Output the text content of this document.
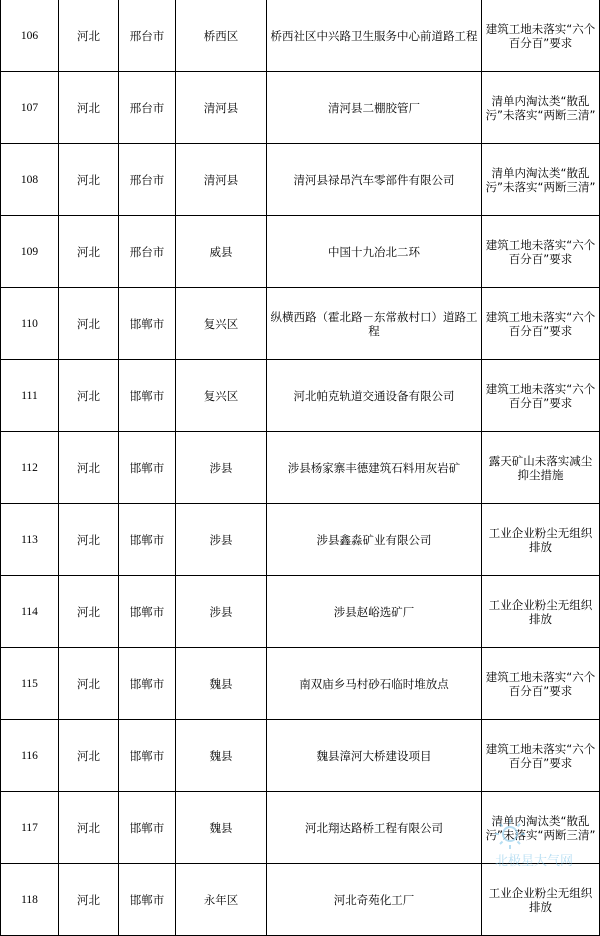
106	河北	邢台市	桥西区	桥西社区中兴路卫生服务中心前道路工程	建筑工地未落实“六个百分百”要求
107	河北	邢台市	清河县	清河县二棚胶管厂	清单内淘汰类“散乱污”未落实“两断三清”
108	河北	邢台市	清河县	清河县禄昂汽车零部件有限公司	清单内淘汰类“散乱污”未落实“两断三清”
109	河北	邢台市	威县	中国十九冶北二环	建筑工地未落实“六个百分百”要求
110	河北	邯郸市	复兴区	纵横西路（霍北路－东常赦村口）道路工程	建筑工地未落实“六个百分百”要求
111	河北	邯郸市	复兴区	河北帕克轨道交通设备有限公司	建筑工地未落实“六个百分百”要求
112	河北	邯郸市	涉县	涉县杨家寨丰德建筑石料用灰岩矿	露天矿山未落实减尘抑尘措施
113	河北	邯郸市	涉县	涉县鑫淼矿业有限公司	工业企业粉尘无组织排放
114	河北	邯郸市	涉县	涉县赵峪选矿厂	工业企业粉尘无组织排放
115	河北	邯郸市	魏县	南双庙乡马村砂石临时堆放点	建筑工地未落实“六个百分百”要求
116	河北	邯郸市	魏县	魏县漳河大桥建设项目	建筑工地未落实“六个百分百”要求
117	河北	邯郸市	魏县	河北翔达路桥工程有限公司	清单内淘汰类“散乱污”未落实“两断三清”
118	河北	邯郸市	永年区	河北奇苑化工厂	工业企业粉尘无组织排放
北极星大气网
